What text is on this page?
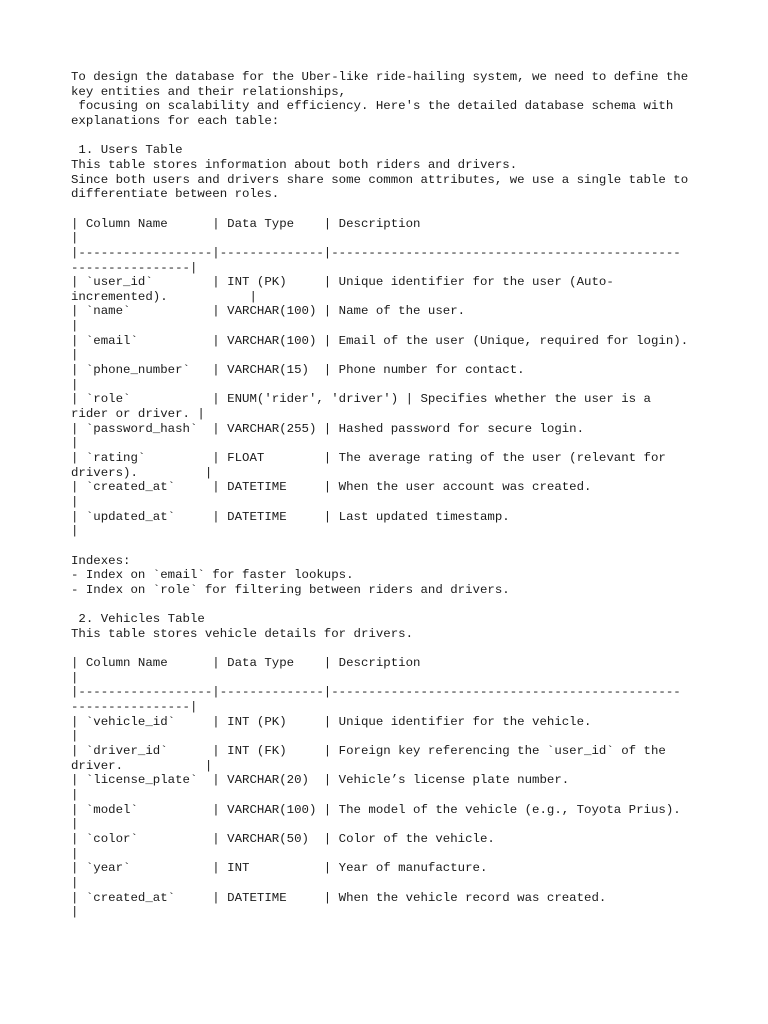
To design the database for the Uber-like ride-hailing system, we need to define the
key entities and their relationships,
focusing on scalability and efficiency. Here's the detailed database schema with
explanations for each table:
1. Users Table
This table stores information about both riders and drivers.
Since both users and drivers share some common attributes, we use a single table to
differentiate between roles.
| Column Name      | Data Type    | Description
|
|------------------|--------------|-----------------------------------------------
----------------|
| `user_id`        | INT (PK)     | Unique identifier for the user (Auto-
incremented).           |
| `name`           | VARCHAR(100) | Name of the user.
|
| `email`          | VARCHAR(100) | Email of the user (Unique, required for login).
|
| `phone_number`   | VARCHAR(15)  | Phone number for contact.
|
| `role`           | ENUM('rider', 'driver') | Specifies whether the user is a
rider or driver. |
| `password_hash`  | VARCHAR(255) | Hashed password for secure login.
|
| `rating`         | FLOAT        | The average rating of the user (relevant for
drivers).         |
| `created_at`     | DATETIME     | When the user account was created.
|
| `updated_at`     | DATETIME     | Last updated timestamp.
|
Indexes:
- Index on `email` for faster lookups.
- Index on `role` for filtering between riders and drivers.
2. Vehicles Table
This table stores vehicle details for drivers.
| Column Name      | Data Type    | Description
|
|------------------|--------------|-----------------------------------------------
----------------|
| `vehicle_id`     | INT (PK)     | Unique identifier for the vehicle.
|
| `driver_id`      | INT (FK)     | Foreign key referencing the `user_id` of the
driver.           |
| `license_plate`  | VARCHAR(20)  | Vehicle’s license plate number.
|
| `model`          | VARCHAR(100) | The model of the vehicle (e.g., Toyota Prius).
|
| `color`          | VARCHAR(50)  | Color of the vehicle.
|
| `year`           | INT          | Year of manufacture.
|
| `created_at`     | DATETIME     | When the vehicle record was created.
|
